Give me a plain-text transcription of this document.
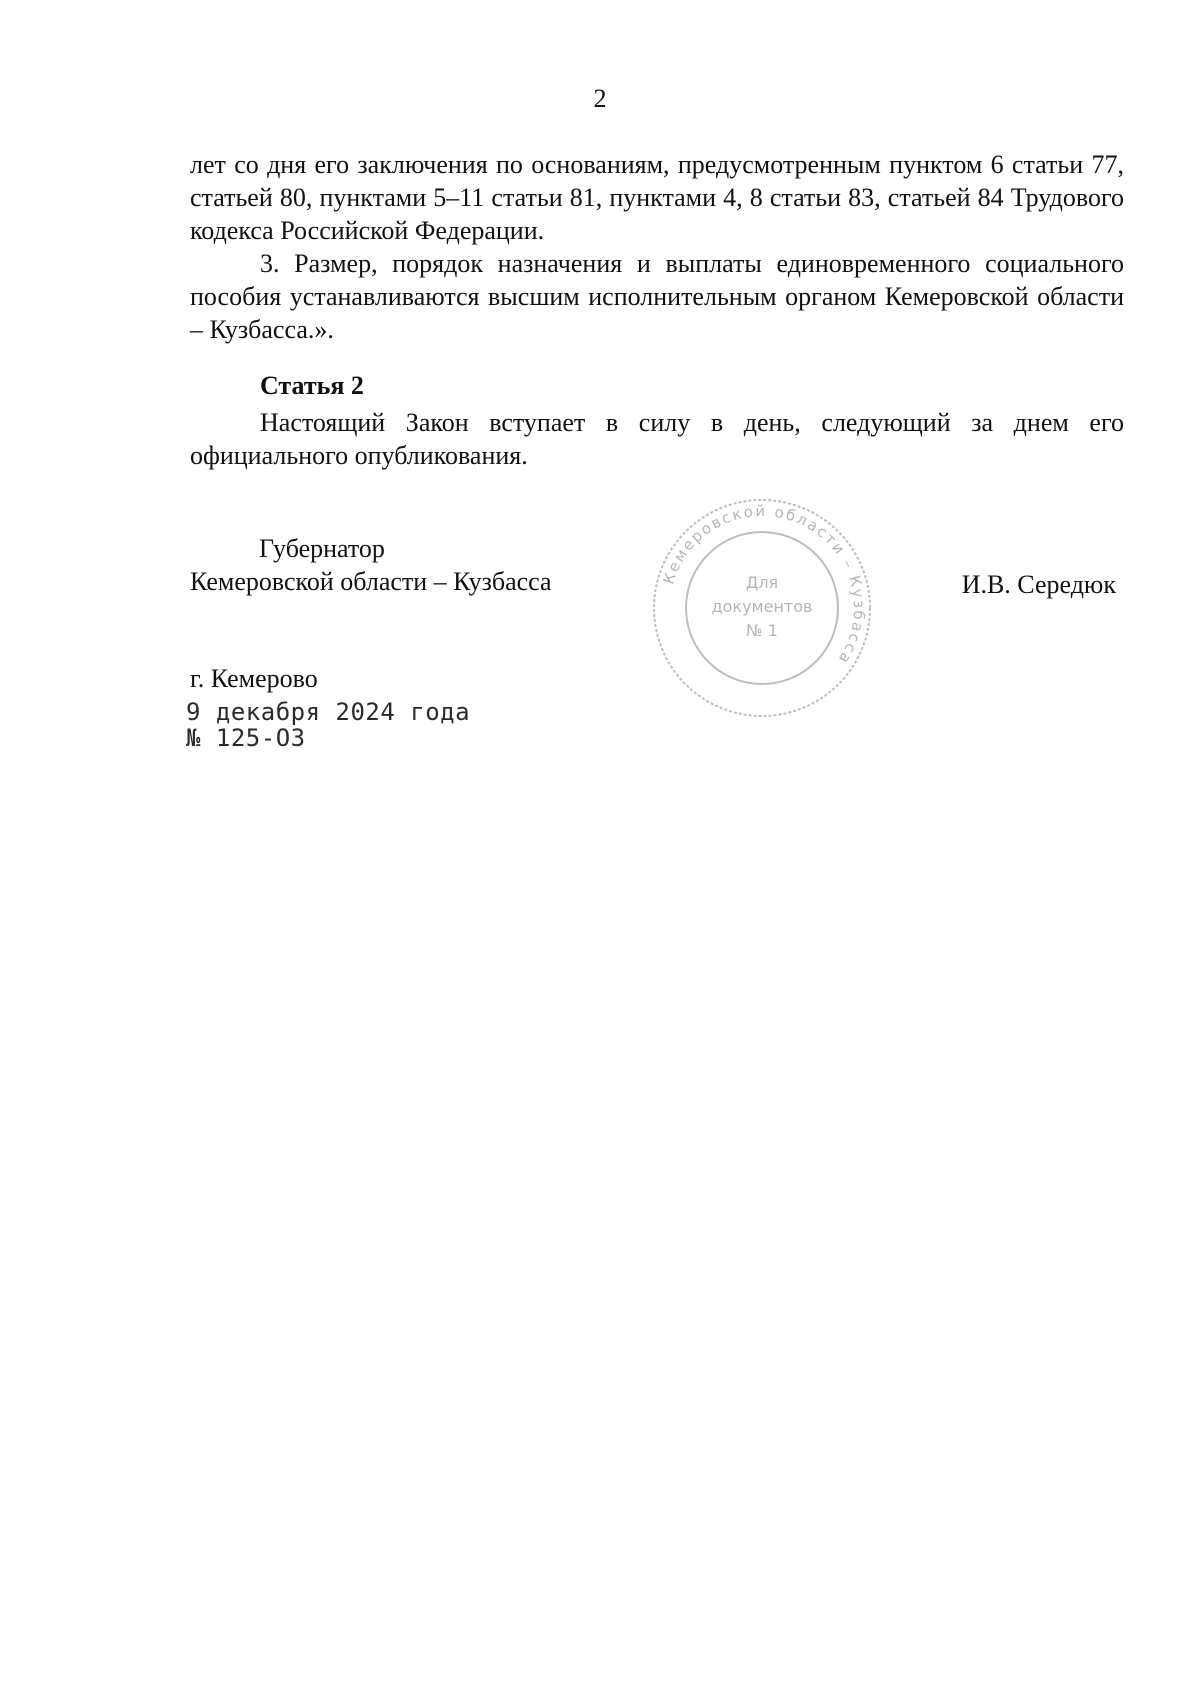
2

лет со дня его заключения по основаниям, предусмотренным пунктом 6 статьи 77, статьей 80, пунктами 5–11 статьи 81, пунктами 4, 8 статьи 83, статьей 84 Трудового кодекса Российской Федерации.

3. Размер, порядок назначения и выплаты единовременного социального пособия устанавливаются высшим исполнительным органом Кемеровской области – Кузбасса.».

Статья 2

Настоящий Закон вступает в силу в день, следующий за днем его официального опубликования.

Губернатор
Кемеровской области – Кузбасса	Кемеровской области – Кузбасса
Для
документов
№ 1
И.В. Середюк
г. Кемерово
9 декабря 2024 года
№ 125-ОЗ
